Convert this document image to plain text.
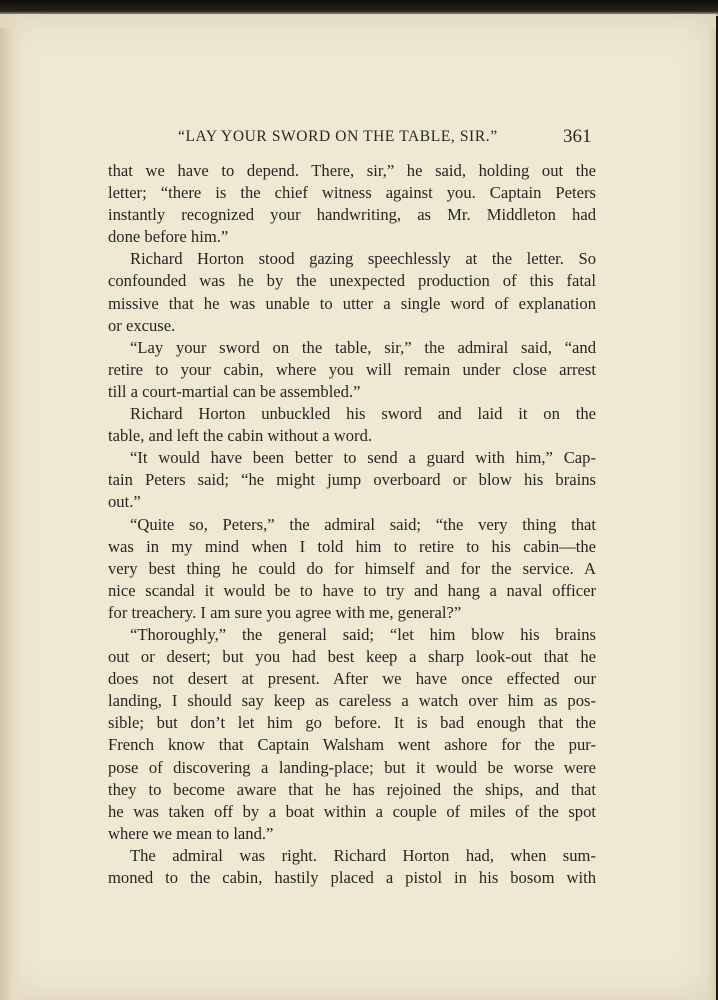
“LAY YOUR SWORD ON THE TABLE, SIR.”	361
that we have to depend. There, sir,” he said, holding out the
letter; “there is the chief witness against you. Captain Peters
instantly recognized your handwriting, as Mr. Middleton had
done before him.”
Richard Horton stood gazing speechlessly at the letter. So
confounded was he by the unexpected production of this fatal
missive that he was unable to utter a single word of explanation
or excuse.
“Lay your sword on the table, sir,” the admiral said, “and
retire to your cabin, where you will remain under close arrest
till a court-martial can be assembled.”
Richard Horton unbuckled his sword and laid it on the
table, and left the cabin without a word.
“It would have been better to send a guard with him,” Cap-
tain Peters said; “he might jump overboard or blow his brains
out.”
“Quite so, Peters,” the admiral said; “the very thing that
was in my mind when I told him to retire to his cabin—the
very best thing he could do for himself and for the service. A
nice scandal it would be to have to try and hang a naval officer
for treachery. I am sure you agree with me, general?”
“Thoroughly,” the general said; “let him blow his brains
out or desert; but you had best keep a sharp look-out that he
does not desert at present. After we have once effected our
landing, I should say keep as careless a watch over him as pos-
sible; but don’t let him go before. It is bad enough that the
French know that Captain Walsham went ashore for the pur-
pose of discovering a landing-place; but it would be worse were
they to become aware that he has rejoined the ships, and that
he was taken off by a boat within a couple of miles of the spot
where we mean to land.”
The admiral was right. Richard Horton had, when sum-
moned to the cabin, hastily placed a pistol in his bosom with
